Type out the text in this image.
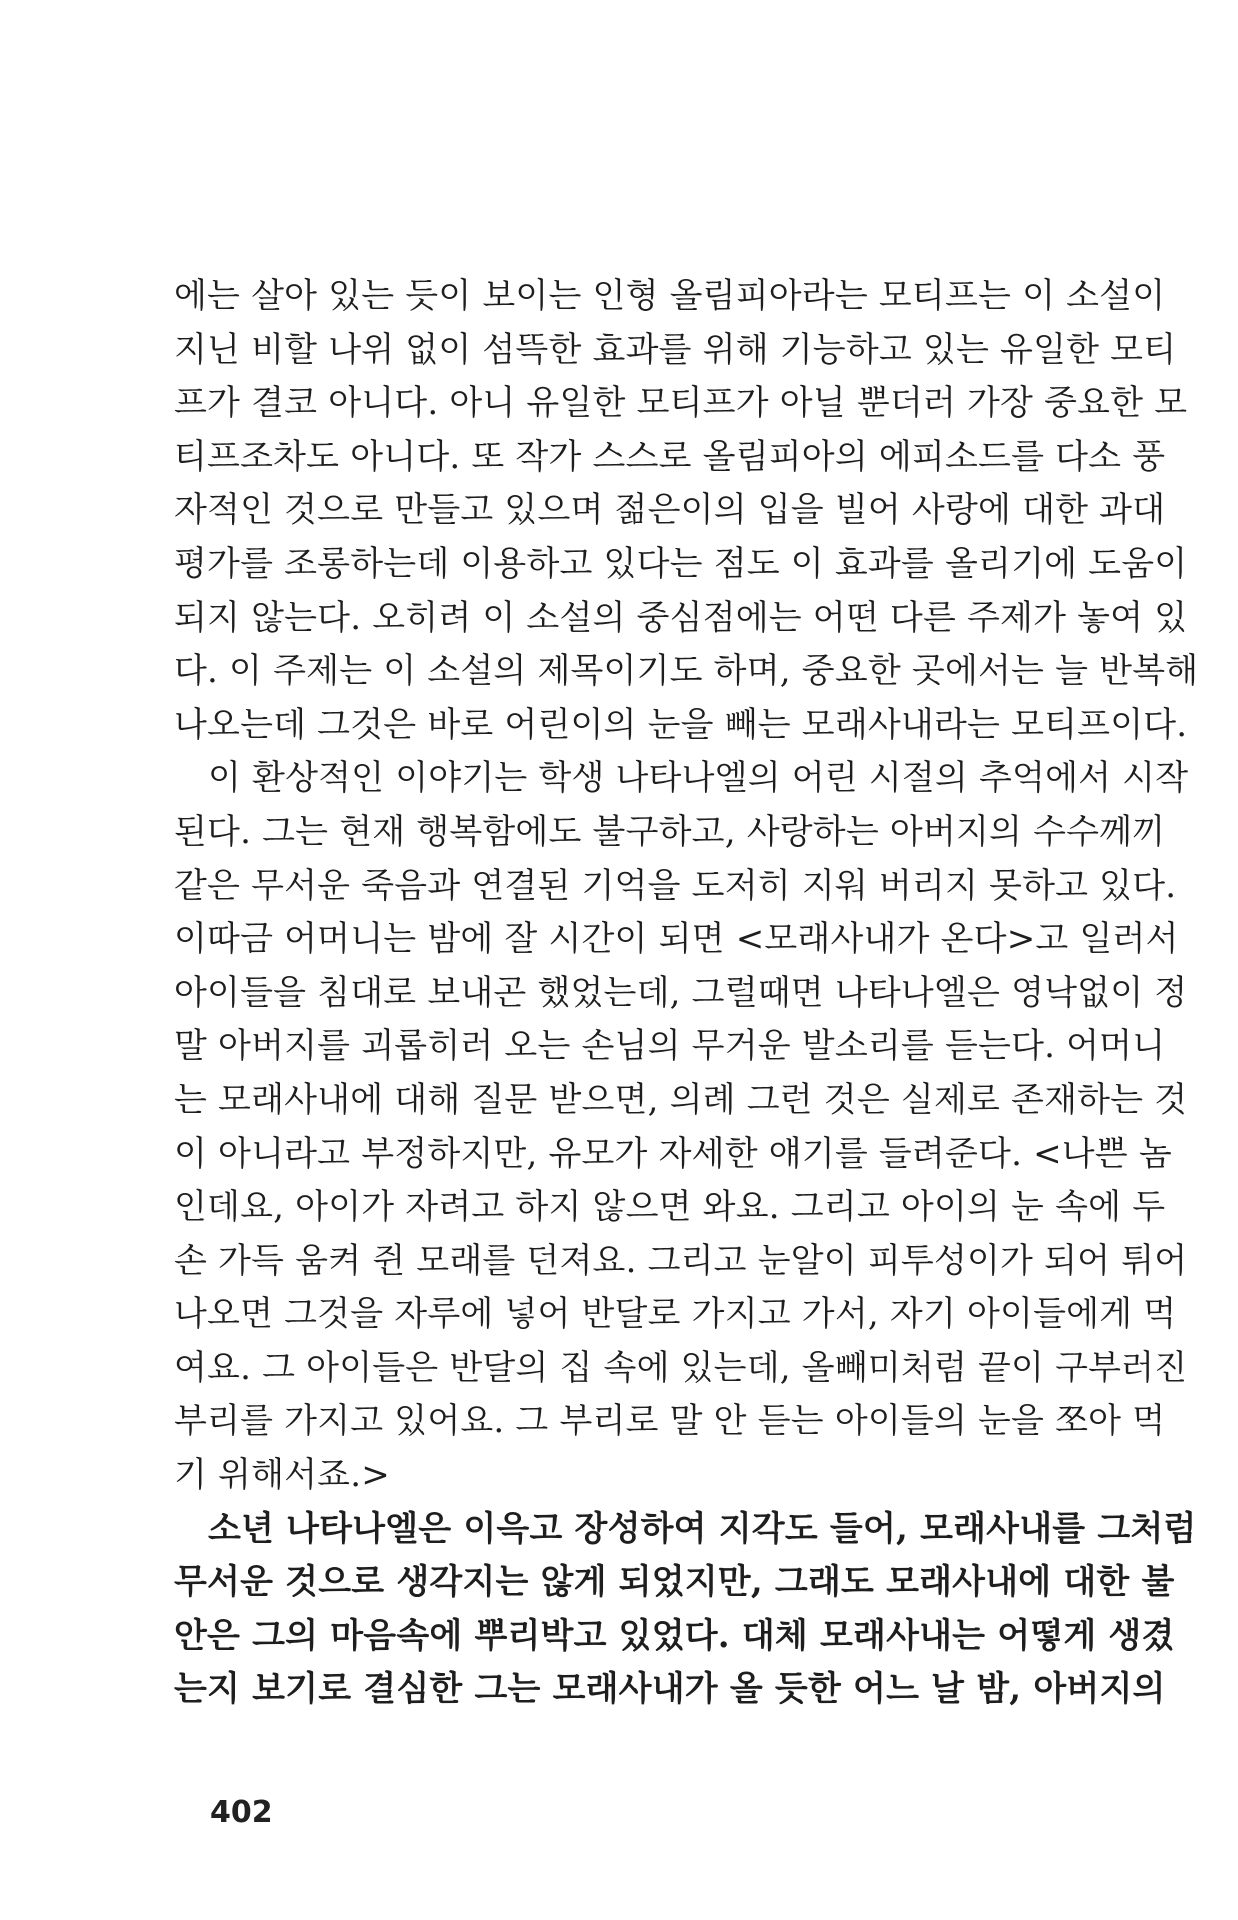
에는 살아 있는 듯이 보이는 인형 올림피아라는 모티프는 이 소설이
지닌 비할 나위 없이 섬뜩한 효과를 위해 기능하고 있는 유일한 모티
프가 결코 아니다. 아니 유일한 모티프가 아닐 뿐더러 가장 중요한 모
티프조차도 아니다. 또 작가 스스로 올림피아의 에피소드를 다소 풍
자적인 것으로 만들고 있으며 젊은이의 입을 빌어 사랑에 대한 과대
평가를 조롱하는데 이용하고 있다는 점도 이 효과를 올리기에 도움이
되지 않는다. 오히려 이 소설의 중심점에는 어떤 다른 주제가 놓여 있
다. 이 주제는 이 소설의 제목이기도 하며, 중요한 곳에서는 늘 반복해
나오는데 그것은 바로 어린이의 눈을 빼는 모래사내라는 모티프이다.
이 환상적인 이야기는 학생 나타나엘의 어린 시절의 추억에서 시작
된다. 그는 현재 행복함에도 불구하고, 사랑하는 아버지의 수수께끼
같은 무서운 죽음과 연결된 기억을 도저히 지워 버리지 못하고 있다.
이따금 어머니는 밤에 잘 시간이 되면 <모래사내가 온다>고 일러서
아이들을 침대로 보내곤 했었는데, 그럴때면 나타나엘은 영낙없이 정
말 아버지를 괴롭히러 오는 손님의 무거운 발소리를 듣는다. 어머니
는 모래사내에 대해 질문 받으면, 의례 그런 것은 실제로 존재하는 것
이 아니라고 부정하지만, 유모가 자세한 얘기를 들려준다. <나쁜 놈
인데요, 아이가 자려고 하지 않으면 와요. 그리고 아이의 눈 속에 두
손 가득 움켜 쥔 모래를 던져요. 그리고 눈알이 피투성이가 되어 튀어
나오면 그것을 자루에 넣어 반달로 가지고 가서, 자기 아이들에게 먹
여요. 그 아이들은 반달의 집 속에 있는데, 올빼미처럼 끝이 구부러진
부리를 가지고 있어요. 그 부리로 말 안 듣는 아이들의 눈을 쪼아 먹
기 위해서죠.>
소년 나타나엘은 이윽고 장성하여 지각도 들어, 모래사내를 그처럼
무서운 것으로 생각지는 않게 되었지만, 그래도 모래사내에 대한 불
안은 그의 마음속에 뿌리박고 있었다. 대체 모래사내는 어떻게 생겼
는지 보기로 결심한 그는 모래사내가 올 듯한 어느 날 밤, 아버지의
402
